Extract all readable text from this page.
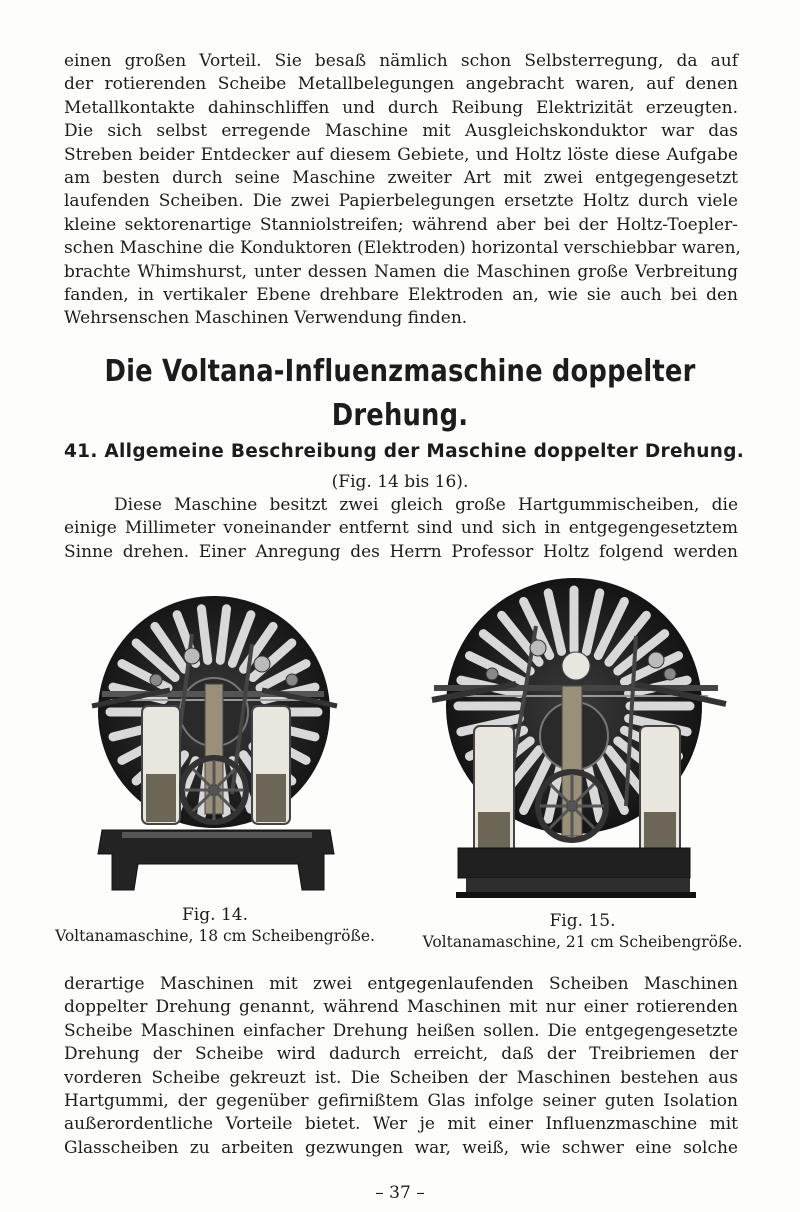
einen großen Vorteil. Sie besaß nämlich schon Selbsterregung, da auf
der rotierenden Scheibe Metallbelegungen angebracht waren, auf denen
Metallkontakte dahinschliffen und durch Reibung Elektrizität erzeugten.
Die sich selbst erregende Maschine mit Ausgleichskonduktor war das
Streben beider Entdecker auf diesem Gebiete, und Holtz löste diese Aufgabe
am besten durch seine Maschine zweiter Art mit zwei entgegengesetzt
laufenden Scheiben. Die zwei Papierbelegungen ersetzte Holtz durch viele
kleine sektorenartige Stanniolstreifen; während aber bei der Holtz-Toepler-
schen Maschine die Konduktoren (Elektroden) horizontal verschiebbar waren,
brachte Whimshurst, unter dessen Namen die Maschinen große Verbreitung
fanden, in vertikaler Ebene drehbare Elektroden an, wie sie auch bei den
Wehrsenschen Maschinen Verwendung finden.
Die Voltana-Influenzmaschine doppelter
Drehung.
41. Allgemeine Beschreibung der Maschine doppelter Drehung.
(Fig. 14 bis 16).
Diese Maschine besitzt zwei gleich große Hartgummischeiben, die
einige Millimeter voneinander entfernt sind und sich in entgegengesetztem
Sinne drehen. Einer Anregung des Herrn Professor Holtz folgend werden
Fig. 14.
Voltanamaschine, 18 cm Scheibengröße.
Fig. 15.
Voltanamaschine, 21 cm Scheibengröße.
derartige Maschinen mit zwei entgegenlaufenden Scheiben Maschinen
doppelter Drehung genannt, während Maschinen mit nur einer rotierenden
Scheibe Maschinen einfacher Drehung heißen sollen. Die entgegengesetzte
Drehung der Scheibe wird dadurch erreicht, daß der Treibriemen der
vorderen Scheibe gekreuzt ist. Die Scheiben der Maschinen bestehen aus
Hartgummi, der gegenüber gefirnißtem Glas infolge seiner guten Isolation
außerordentliche Vorteile bietet. Wer je mit einer Influenzmaschine mit
Glasscheiben zu arbeiten gezwungen war, weiß, wie schwer eine solche
– 37 –
